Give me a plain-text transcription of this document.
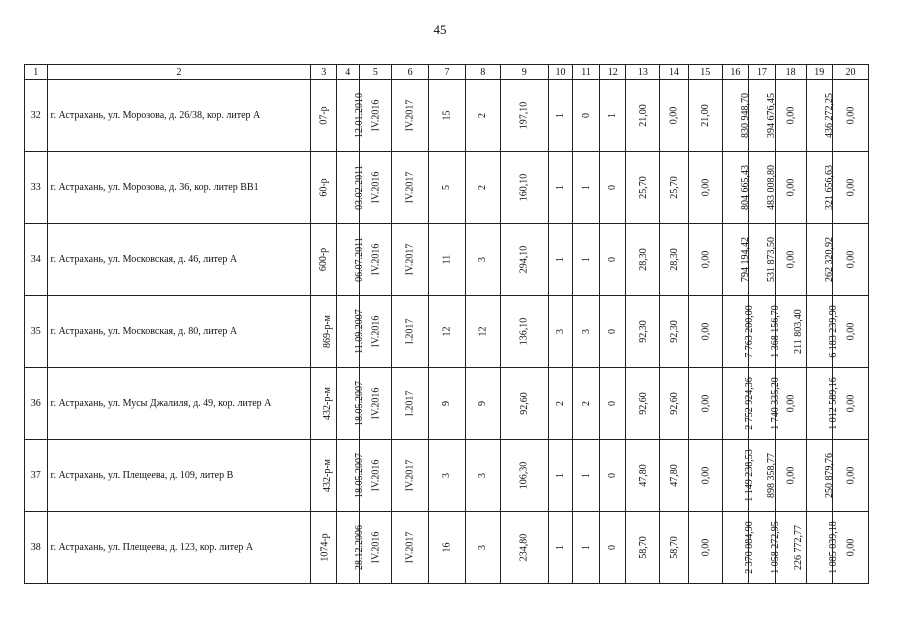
45
1	2	3	4	5	6	7	8	9	10	11	12	13	14	15	16	17	18	19	20
32	г. Астрахань, ул. Морозова, д. 26/38, кор. литер А	07-р	12.01.2010	IV.2016	IV.2017	15	2	197,10	1	0	1	21,00	0,00	21,00	830 948,70	394 676,45	0,00	436 272,25	0,00
33	г. Астрахань, ул. Морозова, д. 36, кор. литер ВВ1	60-р	03.02.2011	IV.2016	IV.2017	5	2	160,10	1	1	0	25,70	25,70	0,00	804 665,43	483 008,80	0,00	321 656,63	0,00
34	г. Астрахань, ул. Московская, д. 46, литер А	600-р	06.07.2011	IV.2016	IV.2017	11	3	294,10	1	1	0	28,30	28,30	0,00	794 194,42	531 873,50	0,00	262 320,92	0,00
35	г. Астрахань, ул. Московская, д. 80, литер А	869-р-м	11.09.2007	IV.2016	I.2017	12	12	136,10	3	3	0	92,30	92,30	0,00	7 763 200,00	1 368 156,70	211 803,40	6 183 239,90	0,00
36	г. Астрахань, ул. Мусы Джалиля, д. 49, кор. литер А	432-р-м	18.05.2007	IV.2016	I.2017	9	9	92,60	2	2	0	92,60	92,60	0,00	2 752 924,36	1 740 335,20	0,00	1 012 589,16	0,00
37	г. Астрахань, ул. Плещеева, д. 109, литер В	432-р-м	18.05.2007	IV.2016	IV.2017	3	3	106,30	1	1	0	47,80	47,80	0,00	1 149 238,53	898 358,77	0,00	250 879,76	0,00
38	г. Астрахань, ул. Плещеева, д. 123, кор. литер А	1074-р	28.12.2006	IV.2016	IV.2017	16	3	234,80	1	1	0	58,70	58,70	0,00	2 370 084,90	1 058 272,95	226 772,77	1 085 039,18	0,00
